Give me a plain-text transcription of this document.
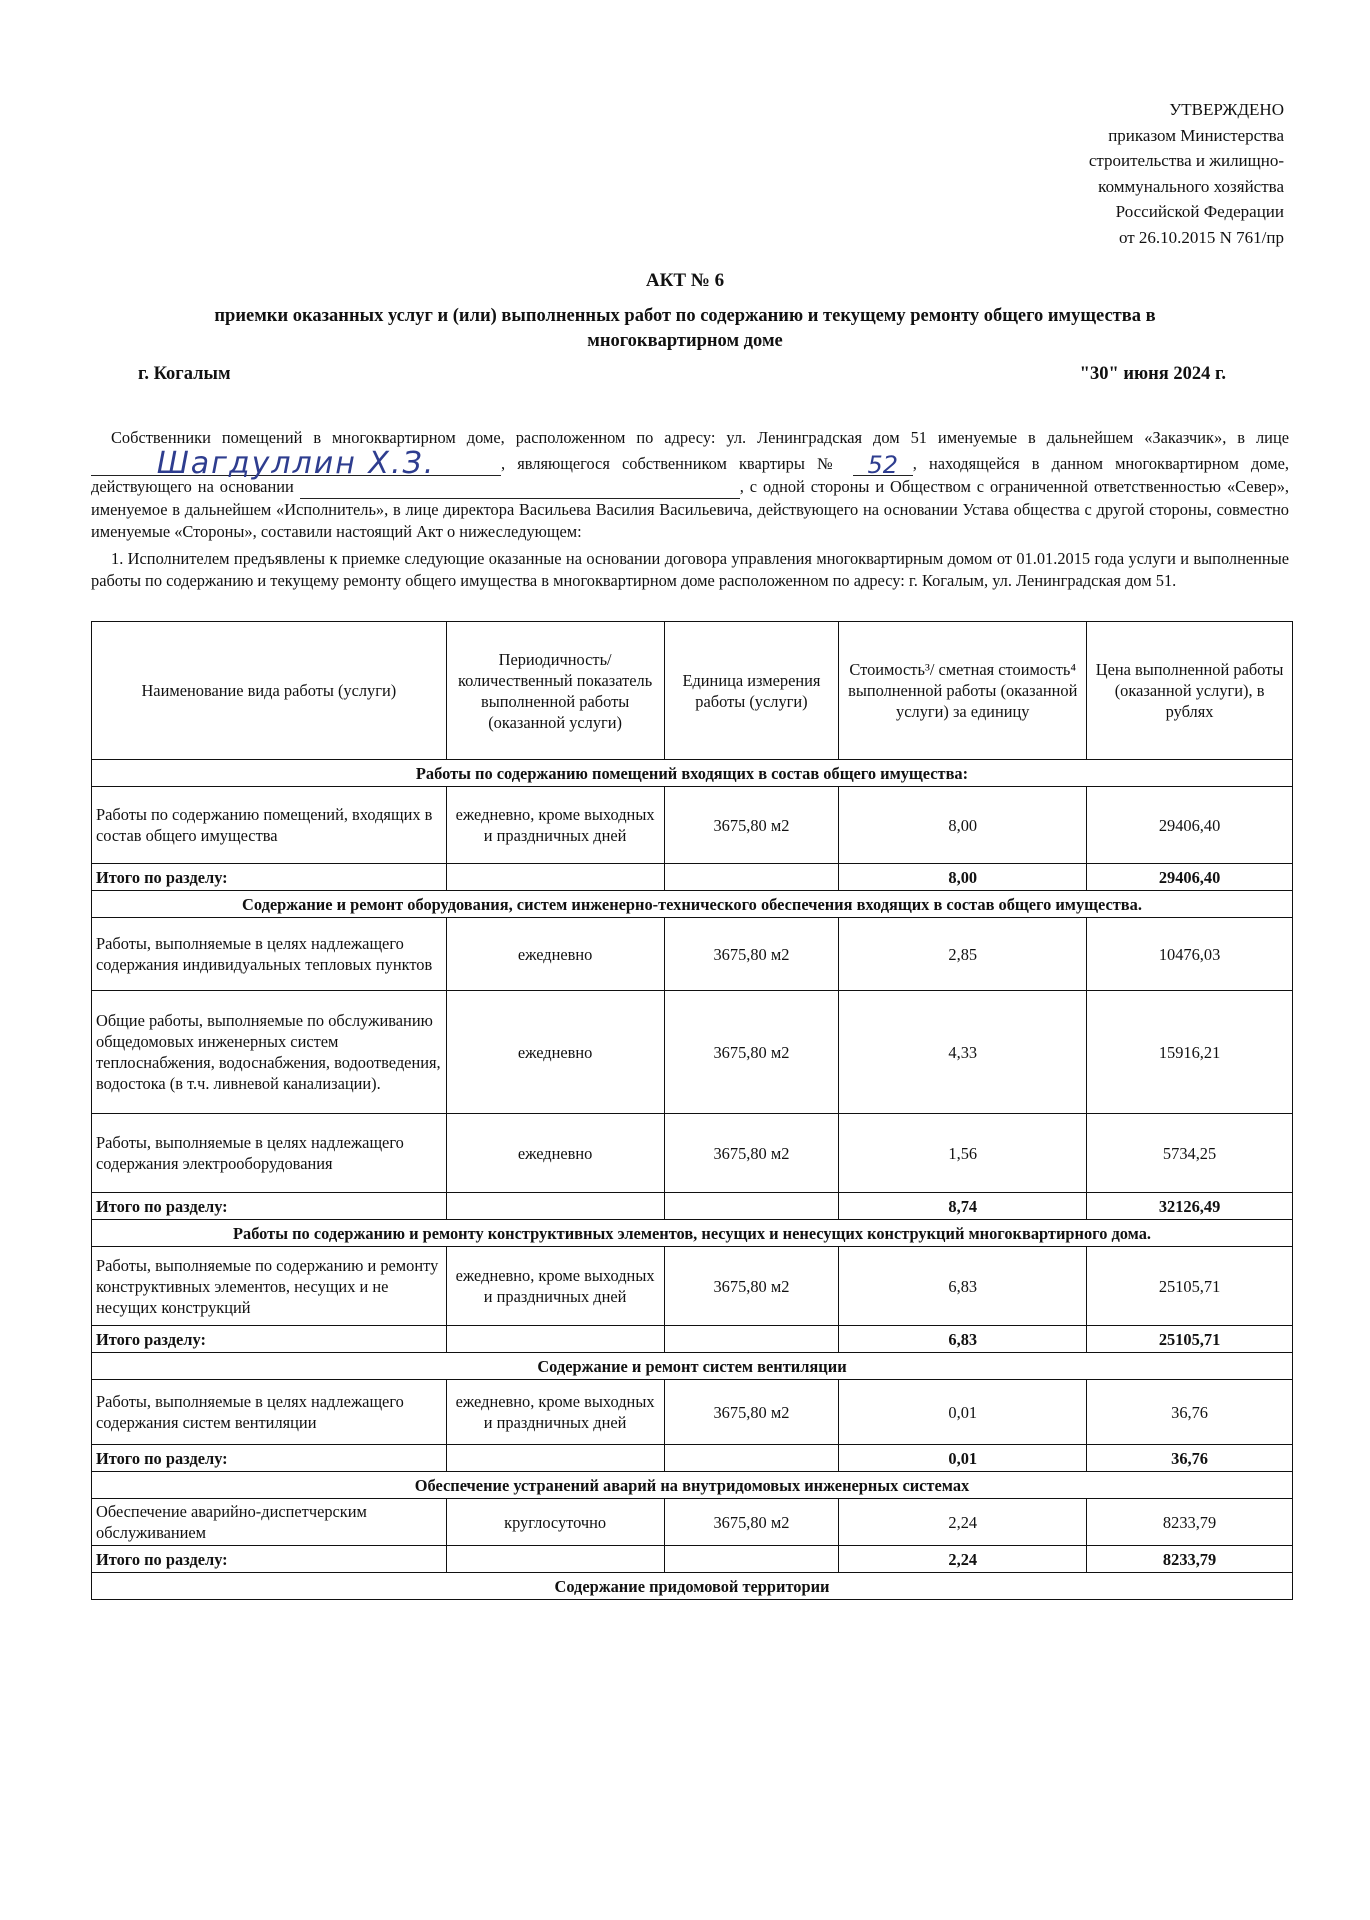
УТВЕРЖДЕНО
приказом Министерства
строительства и жилищно-
коммунального хозяйства
Российской Федерации
от 26.10.2015 N 761/пр
АКТ № 6
приемки оказанных услуг и (или) выполненных работ по содержанию и текущему ремонту общего имущества в многоквартирном доме
г. Когалым	"30" июня 2024 г.
Собственники помещений в многоквартирном доме, расположенном по адресу: ул. Ленинградская дом 51 именуемые в дальнейшем «Заказчик», в лице Шагдуллин Х.З.	, являющегося собственником квартиры № 52 , находящейся в данном многоквартирном доме, действующего на основании	, с одной стороны и Обществом с ограниченной ответственностью «Север», именуемое в дальнейшем «Исполнитель», в лице директора Васильева Василия Васильевича, действующего на основании Устава общества с другой стороны, совместно именуемые «Стороны», составили настоящий Акт о нижеследующем:
1. Исполнителем предъявлены к приемке следующие оказанные на основании договора управления многоквартирным домом от 01.01.2015 года услуги и выполненные работы по содержанию и текущему ремонту общего имущества в многоквартирном доме расположенном по адресу: г. Когалым, ул. Ленинградская дом 51.
Наименование вида работы (услуги)	Периодичность/ количественный показатель выполненной работы (оказанной услуги)	Единица измерения работы (услуги)	Стоимость³/ сметная стоимость⁴ выполненной работы (оказанной услуги) за единицу	Цена выполненной работы (оказанной услуги), в рублях
Работы по содержанию помещений входящих в состав общего имущества:				
Работы по содержанию помещений, входящих в состав общего имущества	ежедневно, кроме выходных и праздничных дней	3675,80 м2	8,00	29406,40
Итого по разделу:			8,00	29406,40
Содержание и ремонт оборудования, систем инженерно-технического обеспечения входящих в состав общего имущества.				
Работы, выполняемые в целях надлежащего содержания индивидуальных тепловых пунктов	ежедневно	3675,80 м2	2,85	10476,03
Общие работы, выполняемые по обслуживанию общедомовых инженерных систем теплоснабжения, водоснабжения, водоотведения, водостока (в т.ч. ливневой канализации).	ежедневно	3675,80 м2	4,33	15916,21
Работы, выполняемые в целях надлежащего содержания электрооборудования	ежедневно	3675,80 м2	1,56	5734,25
Итого по разделу:			8,74	32126,49
Работы по содержанию и ремонту конструктивных элементов, несущих и ненесущих конструкций многоквартирного дома.				
Работы, выполняемые по содержанию и ремонту конструктивных элементов, несущих и не несущих конструкций	ежедневно, кроме выходных и праздничных дней	3675,80 м2	6,83	25105,71
Итого разделу:			6,83	25105,71
Содержание и ремонт систем вентиляции				
Работы, выполняемые в целях надлежащего содержания систем вентиляции	ежедневно, кроме выходных и праздничных дней	3675,80 м2	0,01	36,76
Итого по разделу:			0,01	36,76
Обеспечение устранений аварий на внутридомовых инженерных системах				
Обеспечение аварийно-диспетчерским обслуживанием	круглосуточно	3675,80 м2	2,24	8233,79
Итого по разделу:			2,24	8233,79
Содержание придомовой территории				
